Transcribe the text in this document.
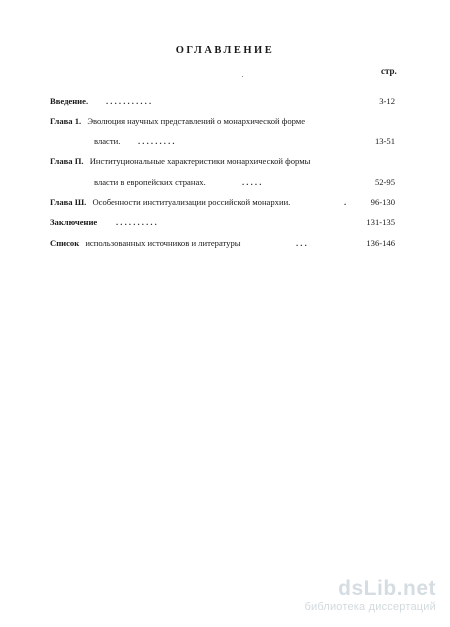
ОГЛАВЛЕНИЕ
стр.
Введение. . . . . . . . . . . .	3-12
Глава 1. Эволюция научных представлений о монархической форме
власти. . . . . . . . . .	13-51
Глава П. Институциональные характеристики монархической формы
власти в европейских странах.	. . . . .	52-95
Глава Ш. Особенности институализации российской монархии.	.	96-130
Заключение . . . . . . . . . .	131-135
Список использованных источников и литературы	. . .	136-146
dsLib.net
библиотека диссертаций
